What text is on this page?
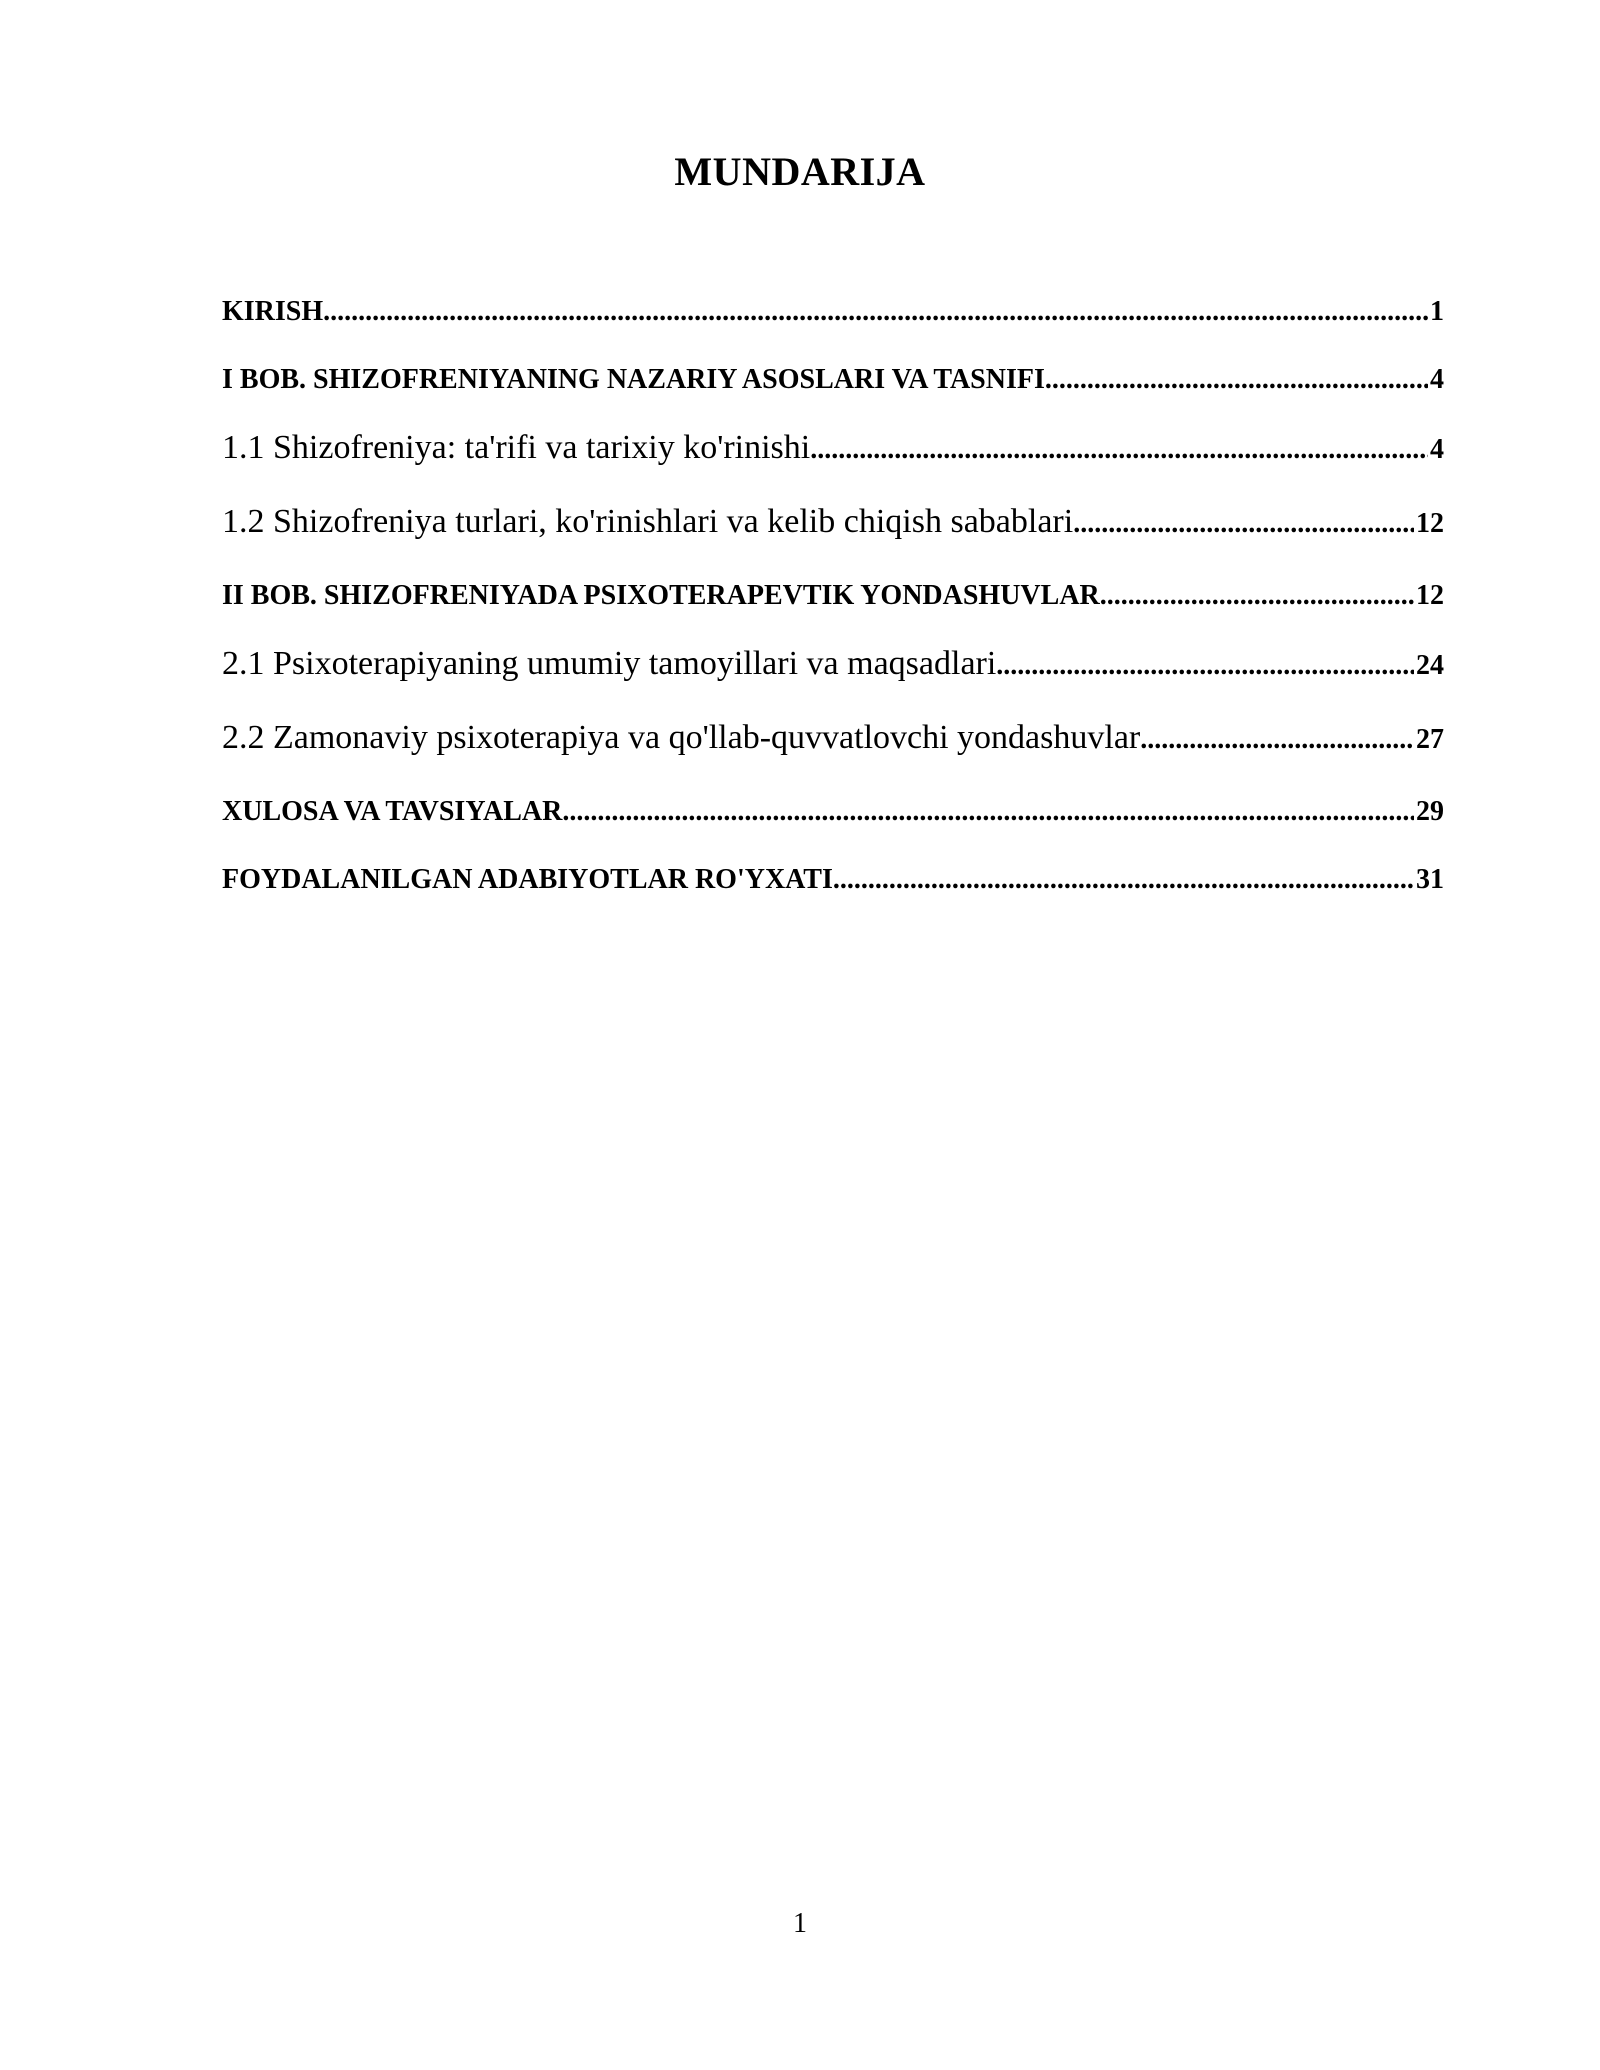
MUNDARIJA
KIRISH .....	1
I BOB. SHIZOFRENIYANING NAZARIY ASOSLARI VA TASNIFI .....	4
1.1 Shizofreniya: ta'rifi va tarixiy ko'rinishi .....	4
1.2 Shizofreniya turlari, ko'rinishlari va kelib chiqish sabablari .....	12
II BOB. SHIZOFRENIYADA PSIXOTERAPEVTIK YONDASHUVLAR .....	12
2.1 Psixoterapiyaning umumiy tamoyillari va maqsadlari .....	24
2.2 Zamonaviy psixoterapiya va qo'llab-quvvatlovchi yondashuvlar .....	27
XULOSA VA TAVSIYALAR .....	29
FOYDALANILGAN ADABIYOTLAR RO'YXATI .....	31
1
